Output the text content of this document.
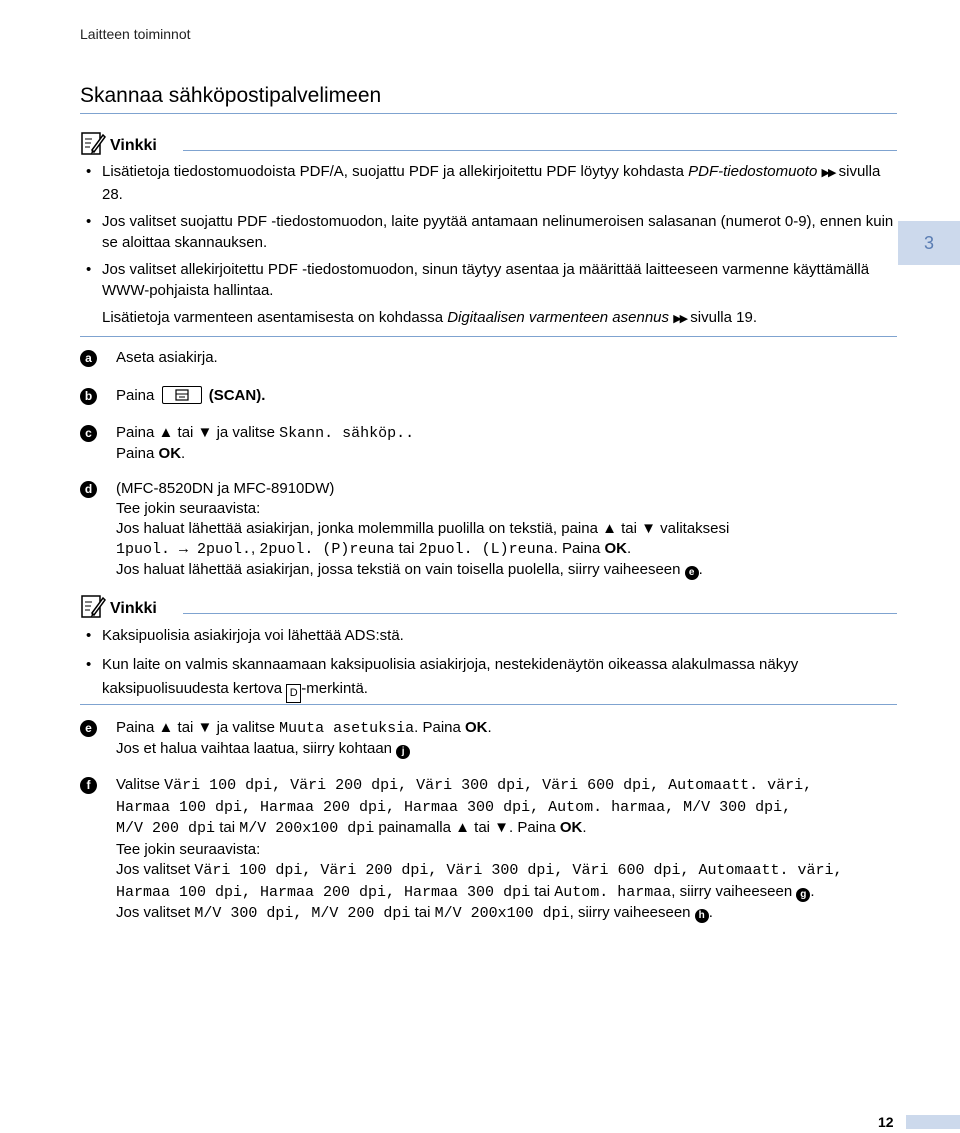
Laitteen toiminnot
Skannaa sähköpostipalvelimeen
3
Vinkki
• Lisätietoja tiedostomuodoista PDF/A, suojattu PDF ja allekirjoitettu PDF löytyy kohdasta PDF-tiedostomuoto ▶▶ sivulla 28.
• Jos valitset suojattu PDF -tiedostomuodon, laite pyytää antamaan nelinumeroisen salasanan (numerot 0-9), ennen kuin se aloittaa skannauksen.
• Jos valitset allekirjoitettu PDF -tiedostomuodon, sinun täytyy asentaa ja määrittää laitteeseen varmenne käyttämällä WWW-pohjaista hallintaa.
Lisätietoja varmenteen asentamisesta on kohdassa Digitaalisen varmenteen asennus ▶▶ sivulla 19.
a	Aseta asiakirja.
b	Paina	(SCAN).
c	Paina ▲ tai ▼ ja valitse Skann. sähköp..
Paina OK.
d	(MFC-8520DN ja MFC-8910DW)
Tee jokin seuraavista:
Jos haluat lähettää asiakirjan, jonka molemmilla puolilla on tekstiä, paina ▲ tai ▼ valitaksesi
1puol. → 2puol., 2puol. (P)reuna tai 2puol. (L)reuna. Paina OK.
Jos haluat lähettää asiakirjan, jossa tekstiä on vain toisella puolella, siirry vaiheeseen e .
Vinkki
• Kaksipuolisia asiakirjoja voi lähettää ADS:stä.
• Kun laite on valmis skannaamaan kaksipuolisia asiakirjoja, nestekidenäytön oikeassa alakulmassa näkyy kaksipuolisuudesta kertova D -merkintä.
e	Paina ▲ tai ▼ ja valitse Muuta asetuksia. Paina OK.
Jos et halua vaihtaa laatua, siirry kohtaan j
f	Valitse Väri 100 dpi, Väri 200 dpi, Väri 300 dpi, Väri 600 dpi, Automaatt. väri,
Harmaa 100 dpi, Harmaa 200 dpi, Harmaa 300 dpi, Autom. harmaa, M/V 300 dpi,
M/V 200 dpi tai M/V 200x100 dpi painamalla ▲ tai ▼. Paina OK.
Tee jokin seuraavista:
Jos valitset Väri 100 dpi, Väri 200 dpi, Väri 300 dpi, Väri 600 dpi, Automaatt. väri,
Harmaa 100 dpi, Harmaa 200 dpi, Harmaa 300 dpi tai Autom. harmaa, siirry vaiheeseen g .
Jos valitset M/V 300 dpi, M/V 200 dpi tai M/V 200x100 dpi, siirry vaiheeseen h .
12
